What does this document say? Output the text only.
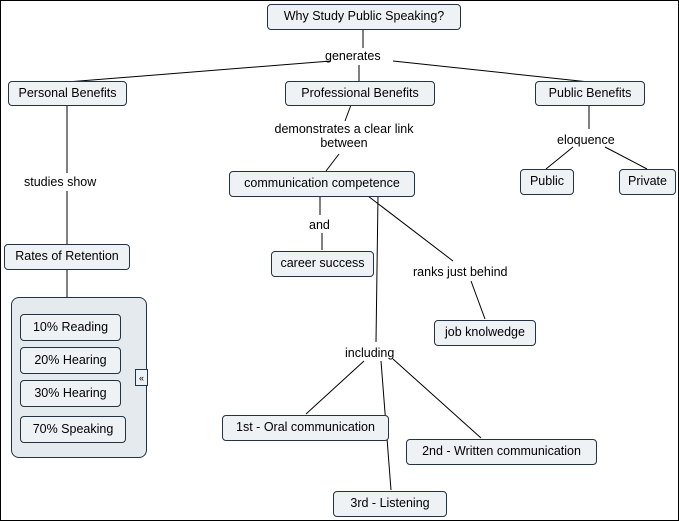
«
Why Study Public Speaking?
Personal Benefits	Professional Benefits	Public Benefits
communication competence	Public	Private
Rates of Retention	career success
job knolwedge
10% Reading
20% Hearing
30% Hearing
70% Speaking	1st - Oral communication
2nd - Written communication
3rd - Listening
generates
demonstrates a clear link between	eloquence
studies show
and
ranks just behind
including
